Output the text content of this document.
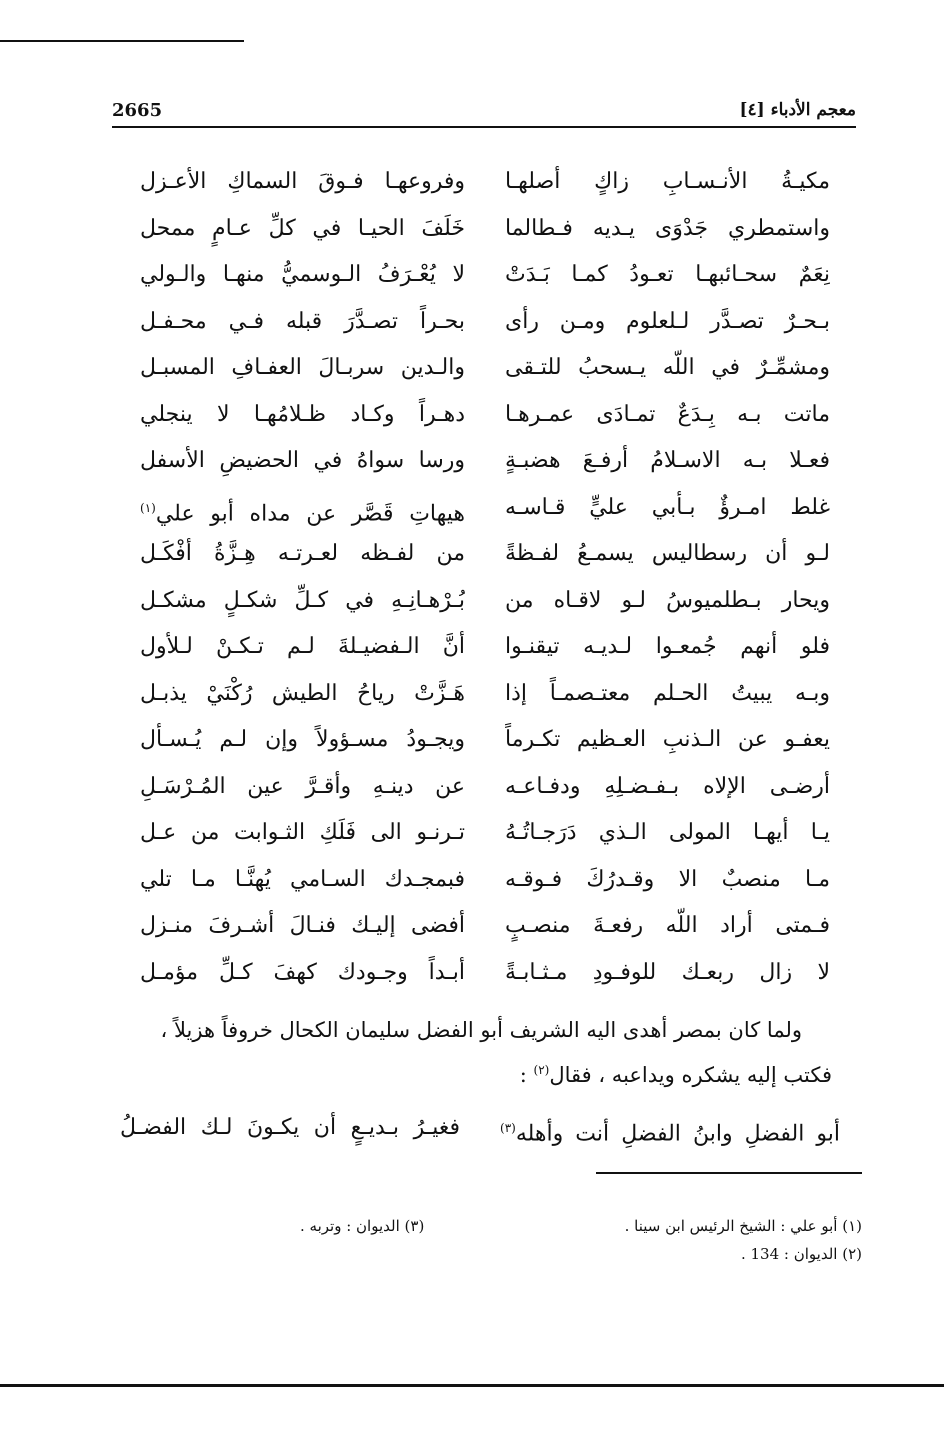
معجم الأدباء [٤]
2665
مكيـةُ الأنـسـابِ زاكٍ أصلهـا
وفروعهـا فـوقَ السماكِ الأعـزل
واستمطري جَدْوَى يـديه فـطالما
خَلَفَ الحيـا في كلِّ عـامٍ ممحل
نِعَمٌ سحـائبهـا تعـودُ كمـا بَـدَتْ
لا يُعْـرَفُ الـوسميُّ منهـا والـولي
بـحـرٌ تصـدَّر لـلعلوم ومـن رأى
بحـراً تصـدَّرَ قبله فـي محـفـل
ومشمِّـرٌ في اللّه يـسحبُ للتـقى
والـدين سربـالَ العفـافِ المسبـل
ماتت بـه بِـدَعٌ تمـادَى عمـرهـا
دهـراً وكـاد ظـلامُهـا لا ينجلي
فعـلا بـه الاسـلامُ أرفـعَ هضبـةٍ
ورسا سواهُ في الحضيضِ الأسفل
غلط امـرؤٌ بـأبي عليٍّ قـاسـه
هيهاتِ قَصَّر عن مداه أبو علي$^{(١)}$
لـو أن رسطاليس يسمـعُ لفـظةً
من لفـظه لعـرتـه هِـزَّةُ أفْكَـل
ويحار بـطلميوسُ لـو لاقـاه من
بُـرْهـانِـهِ في كـلِّ شكـلٍ مشكـل
فلو أنهم جُمعـوا لـديـه تيقنـوا
أنَّ الـفضيـلةَ لـم تـكـنْ لـلأول
وبـه يبيتُ الحـلم معتـصمـاً إذا
هَـزَّتْ رياحُ الطيش رُكْنَيْ يذبـل
يعفـو عن الـذنبِ العـظيم تكـرماً
ويجـودُ مسـؤولاً وإن لـم يُـسـأل
أرضـى الإلاه بـفـضـلِهِ ودفـاعـه
عن دينـهِ وأقـرَّ عين المُـرْسَـلِ
يـا أيهـا المولى الـذي دَرَجـاتُـهُ
تـرنـو الى فَلَكِ الثـوابت من عـل
مـا منصبٌ الا وقـدرُكَ فـوقـه
فبمجـدك السـامي يُهنَّـا مـا تلي
فـمتى أراد اللّه رفعـةَ منصـبٍ
أفضى إليـك فنـالَ أشـرفَ منـزل
لا زال ربعـك للوفـودِ مـثـابـةً
أبـداً وجـودك كهفَ كـلِّ مؤمـل

ولما كان بمصر أهدى اليه الشريف أبو الفضل سليمان الكحال خروفاً هزيلاً ،

فكتب إليه يشكره ويداعبه ، فقال$^{(٢)}$ :

أبو الفضلِ وابنُ الفضلِ أنت وأهله$^{(٣)}$
فغيـرُ بـديـعٍ أن يكـونَ لـك الفضـلُ
(١) أبو علي : الشيخ الرئيس ابن سينا .
(٢) الديوان : 134 .
(٣) الديوان : وتربه .
